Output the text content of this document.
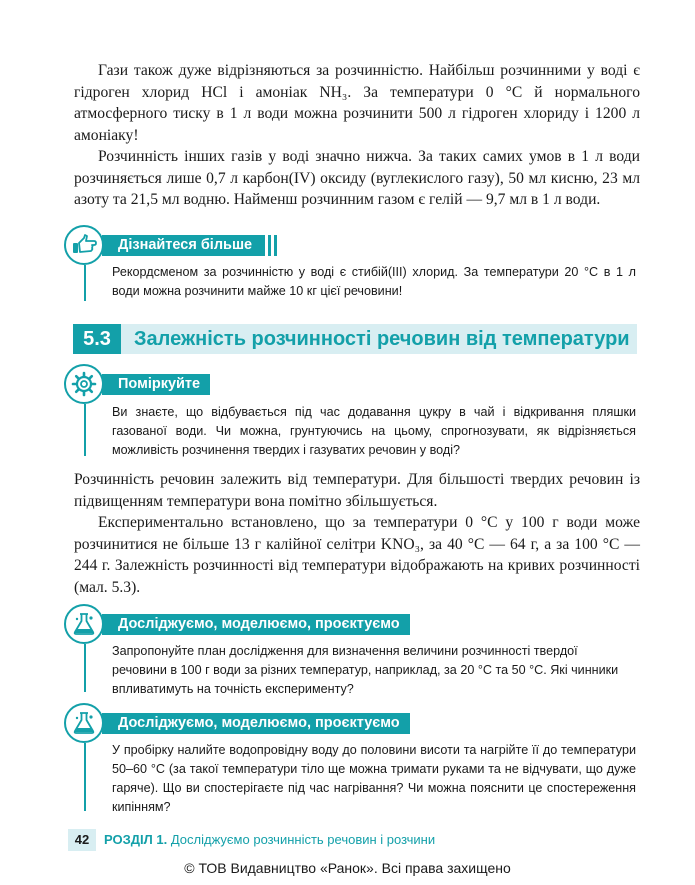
Гази також дуже відрізняються за розчинністю. Найбільш розчинними у воді є гідроген хлорид HCl і амоніак NH₃. За температури 0 °C й нормального атмосферного тиску в 1 л води можна розчинити 500 л гідроген хлориду і 1200 л амоніаку!

Розчинність інших газів у воді значно нижча. За таких самих умов в 1 л води розчиняється лише 0,7 л карбон(IV) оксиду (вуглекислого газу), 50 мл кисню, 23 мл азоту та 21,5 мл водню. Найменш розчинним газом є гелій — 9,7 мл в 1 л води.

Дізнайтеся більше

Рекордсменом за розчинністю у воді є стибій(ІІІ) хлорид. За температури 20 °C в 1 л води можна розчинити майже 10 кг цієї речовини!

5.3	Залежність розчинності речовин від температури
Поміркуйте

Ви знаєте, що відбувається під час додавання цукру в чай і відкривання пляшки газованої води. Чи можна, грунтуючись на цьому, спрогнозувати, як відрізняється можливість розчинення твердих і газуватих речовин у воді?

Розчинність речовин залежить від температури. Для більшості твердих речовин із підвищенням температури вона помітно збільшується.

Експериментально встановлено, що за температури 0 °C у 100 г води може розчинитися не більше 13 г калійної селітри KNO₃, за 40 °C — 64 г, а за 100 °C — 244 г. Залежність розчинності від температури відображають на кривих розчинності (мал. 5.3).

Досліджуємо, моделюємо, проєктуємо

Запропонуйте план дослідження для визначення величини розчинності твердої речовини в 100 г води за різних температур, наприклад, за 20 °C та 50 °C. Які чинники впливатимуть на точність експерименту?

Досліджуємо, моделюємо, проєктуємо

У пробірку налийте водопровідну воду до половини висоти та нагрійте її до температури 50–60 °C (за такої температури тіло ще можна тримати руками та не відчувати, що дуже гаряче). Що ви спостерігаєте під час нагрівання? Чи можна пояснити це спостереження кипінням?

42	РОЗДІЛ 1. Досліджуємо розчинність речовин і розчини
© ТОВ Видавництво «Ранок». Всі права захищено
